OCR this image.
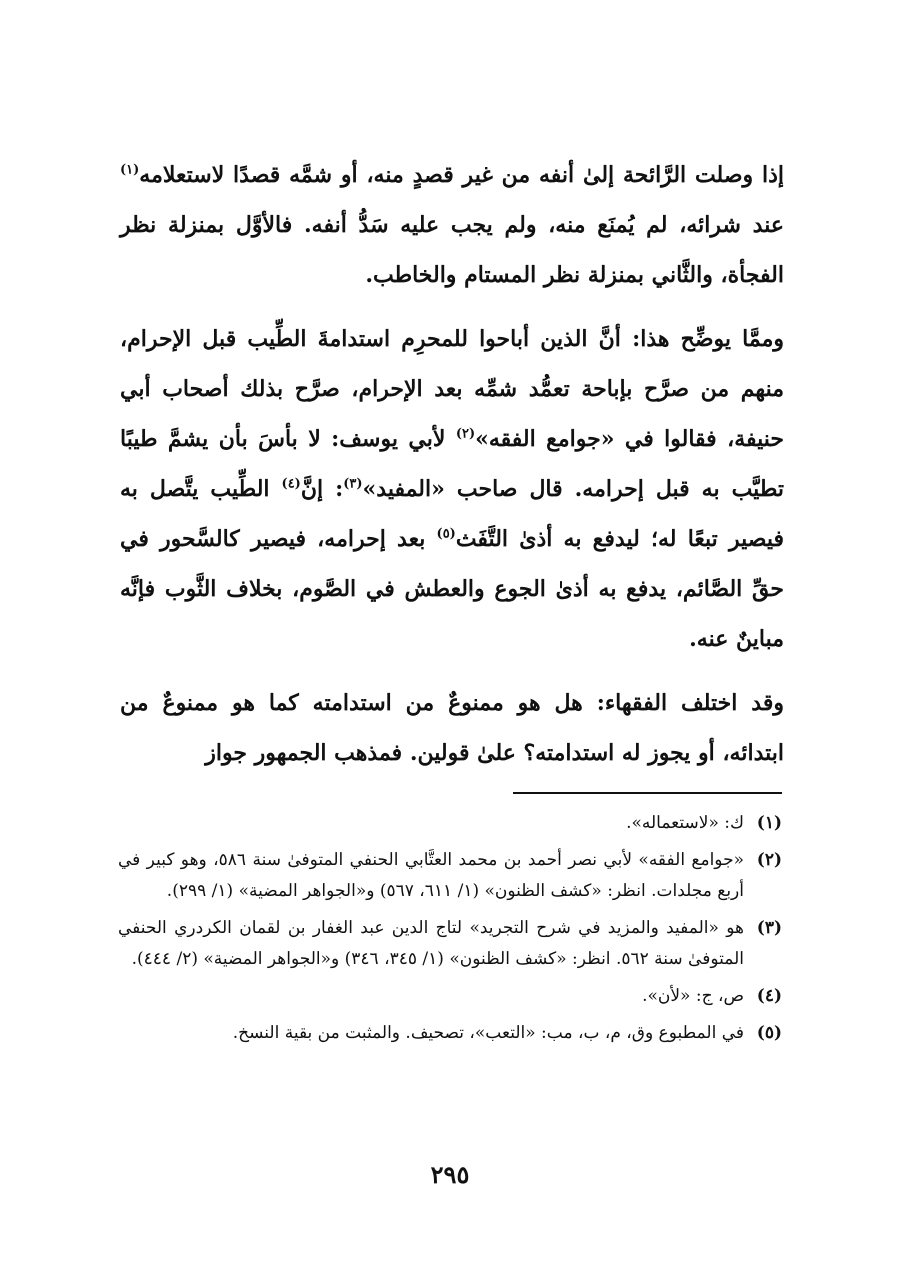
إذا وصلت الرَّائحة إلىٰ أنفه من غير قصدٍ منه، أو شمَّه قصدًا لاستعلامه$^{(١)}$ عند شرائه، لم يُمنَع منه، ولم يجب عليه سَدُّ أنفه. فالأوَّل بمنزلة نظر الفجأة، والثَّاني بمنزلة نظر المستام والخاطب.

وممَّا يوضِّح هذا: أنَّ الذين أباحوا للمحرِم استدامةَ الطِّيب قبل الإحرام، منهم من صرَّح بإباحة تعمُّد شمِّه بعد الإحرام، صرَّح بذلك أصحاب أبي حنيفة، فقالوا في «جوامع الفقه»$^{(٢)}$ لأبي يوسف: لا بأسَ بأن يشمَّ طيبًا تطيَّب به قبل إحرامه. قال صاحب «المفيد»$^{(٣)}$: إنَّ$^{(٤)}$ الطِّيب يتَّصل به فيصير تبعًا له؛ ليدفع به أذىٰ التَّفَث$^{(٥)}$ بعد إحرامه، فيصير كالسَّحور في حقِّ الصَّائم، يدفع به أذىٰ الجوع والعطش في الصَّوم، بخلاف الثَّوب فإنَّه مباينٌ عنه.

وقد اختلف الفقهاء: هل هو ممنوعٌ من استدامته كما هو ممنوعٌ من ابتدائه، أو يجوز له استدامته؟ علىٰ قولين. فمذهب الجمهور جواز

(١)
ك: «لاستعماله».
(٢)
«جوامع الفقه» لأبي نصر أحمد بن محمد العتَّابي الحنفي المتوفىٰ سنة ٥٨٦، وهو كبير في أربع مجلدات. انظر: «كشف الظنون» (١/ ٦١١، ٥٦٧) و«الجواهر المضية» (١/ ٢٩٩).
(٣)
هو «المفيد والمزيد في شرح التجريد» لتاج الدين عبد الغفار بن لقمان الكردري الحنفي المتوفىٰ سنة ٥٦٢. انظر: «كشف الظنون» (١/ ٣٤٥، ٣٤٦) و«الجواهر المضية» (٢/ ٤٤٤).
(٤)
ص، ج: «لأن».
(٥)
في المطبوع وق، م، ب، مب: «التعب»، تصحيف. والمثبت من بقية النسخ.
٢٩٥
